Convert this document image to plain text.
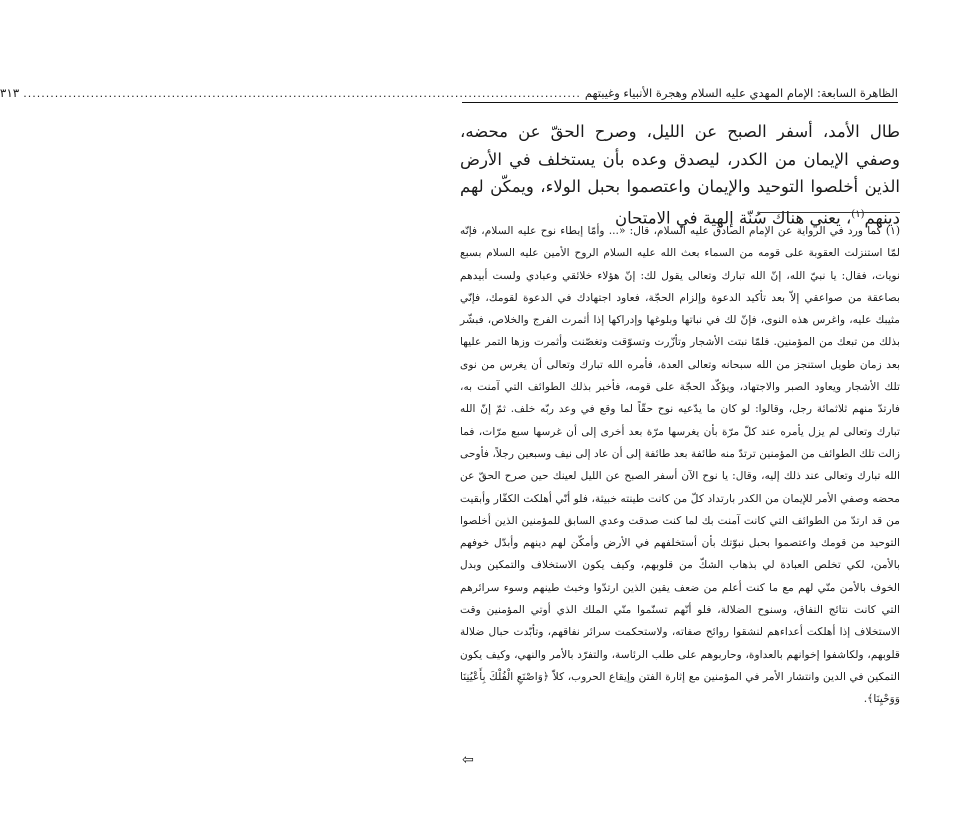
الظاهرة السابعة: الإمام المهدي عليه السلام وهجرة الأنبياء وغيبتهم
............................................................................................................................
٣١٣

طال الأمد، أسفر الصبح عن الليل، وصرح الحقّ عن محضه، وصفي الإيمان من الكدر، ليصدق وعده بأن يستخلف في الأرض الذين أخلصوا التوحيد والإيمان واعتصموا بحبل الولاء، ويمكّن لهم دينهم$^{(١)}$، يعني هناك سُنّة إلهية في الامتحان

(١) كما ورد في الرواية عن الإمام الصادق عليه السلام، قال: «... وأمّا إبطاء نوح عليه السلام، فإنّه لمّا استنزلت العقوبة على قومه من السماء بعث الله عليه السلام الروح الأمين عليه السلام بسبع نويات، فقال: يا نبيّ الله، إنّ الله تبارك وتعالى يقول لك: إنّ هؤلاء خلائقي وعبادي ولست أبيدهم بصاعقة من صواعقي إلاّ بعد تأكيد الدعوة وإلزام الحجّة، فعاود اجتهادك في الدعوة لقومك، فإنّي مثيبك عليه، واغرس هذه النوى، فإنّ لك في نباتها وبلوغها وإدراكها إذا أثمرت الفرج والخلاص، فبشّر بذلك من تبعك من المؤمنين. فلمّا نبتت الأشجار وتأزّرت وتسوّقت وتغصّنت وأثمرت وزها التمر عليها بعد زمان طويل استنجز من الله سبحانه وتعالى العدة، فأمره الله تبارك وتعالى أن يغرس من نوى تلك الأشجار ويعاود الصبر والاجتهاد، ويؤكّد الحجّة على قومه، فأخبر بذلك الطوائف التي آمنت به، فارتدّ منهم ثلاثمائة رجل، وقالوا: لو كان ما يدّعيه نوح حقّاً لما وقع في وعد ربّه خلف. ثمّ إنّ الله تبارك وتعالى لم يزل يأمره عند كلّ مرّة بأن يغرسها مرّة بعد أخرى إلى أن غرسها سبع مرّات، فما زالت تلك الطوائف من المؤمنين ترتدّ منه طائفة بعد طائفة إلى أن عاد إلى نيف وسبعين رجلاً، فأوحى الله تبارك وتعالى عند ذلك إليه، وقال: يا نوح الآن أسفر الصبح عن الليل لعينك حين صرح الحقّ عن محضه وصفي الأمر للإيمان من الكدر بارتداد كلّ من كانت طينته خبيثة، فلو أنّي أهلكت الكفّار وأبقيت من قد ارتدّ من الطوائف التي كانت آمنت بك لما كنت صدقت وعدي السابق للمؤمنين الذين أخلصوا التوحيد من قومك واعتصموا بحبل نبوّتك بأن أستخلفهم في الأرض وأمكّن لهم دينهم وأبدّل خوفهم بالأمن، لكي تخلص العبادة لي بذهاب الشكّ من قلوبهم، وكيف يكون الاستخلاف والتمكين وبدل الخوف بالأمن منّي لهم مع ما كنت أعلم من ضعف يقين الذين ارتدّوا وخبث طينهم وسوء سرائرهم التي كانت نتائج النفاق، وسنوح الضلالة، فلو أنّهم تسنّموا منّي الملك الذي أوتي المؤمنين وقت الاستخلاف إذا أهلكت أعداءهم لنشقوا روائح صفاته، ولاستحكمت سرائر نفاقهم، وتأبّدت حبال ضلالة قلوبهم، ولكاشفوا إخوانهم بالعداوة، وحاربوهم على طلب الرئاسة، والتفرّد بالأمر والنهي، وكيف يكون التمكين في الدين وانتشار الأمر في المؤمنين مع إثارة الفتن وإيقاع الحروب، كلاّ ﴿وَاصْنَعِ الْفُلْكَ بِأَعْيُنِنَا وَوَحْيِنَا﴾.

⇦
